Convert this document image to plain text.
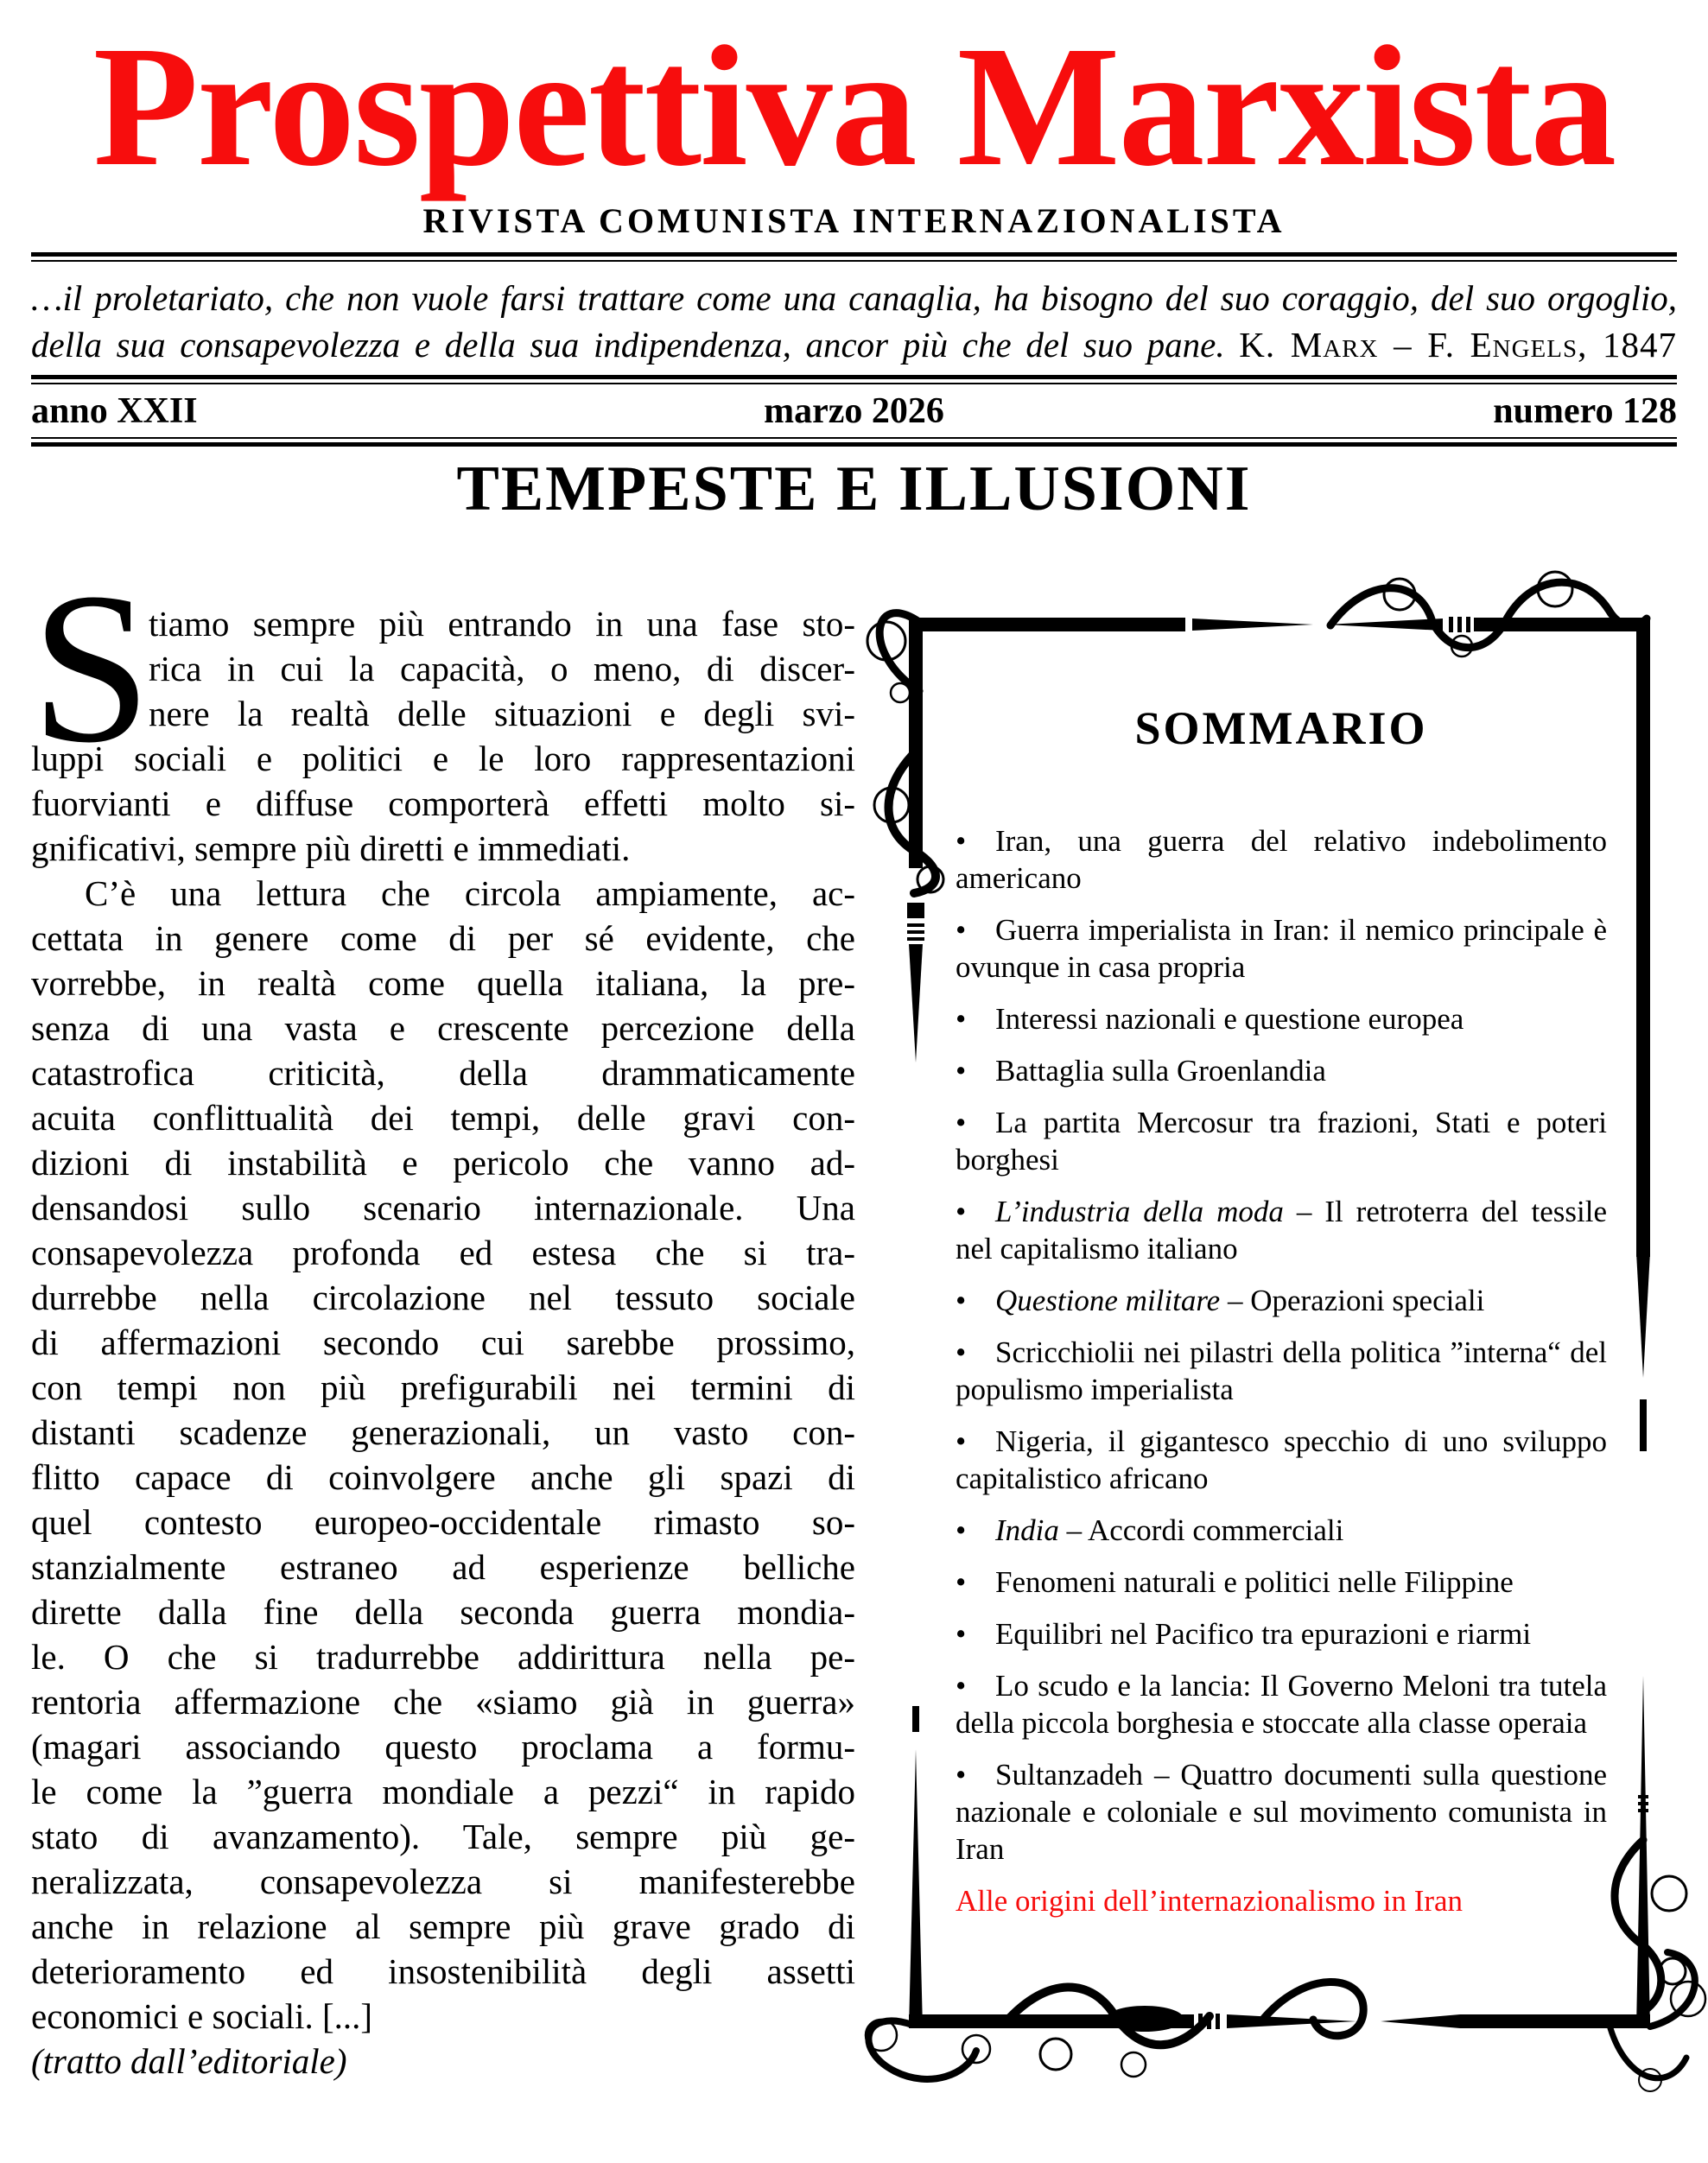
Prospettiva Marxista
RIVISTA COMUNISTA INTERNAZIONALISTA
…il proletariato, che non vuole farsi trattare come una canaglia, ha bisogno del suo coraggio, del suo orgoglio,
della sua consapevolezza e della sua indipendenza, ancor più che del suo pane. K. Marx – F. Engels, 1847
anno XXII	marzo 2026	numero 128
TEMPESTE E ILLUSIONI
S
tiamo sempre più entrando in una fase sto-
rica in cui la capacità, o meno, di discer-
nere la realtà delle situazioni e degli svi-
luppi sociali e politici e le loro rappresentazioni
fuorvianti e diffuse comporterà effetti molto si-
gnificativi, sempre più diretti e immediati.
C’è una lettura che circola ampiamente, ac-
cettata in genere come di per sé evidente, che
vorrebbe, in realtà come quella italiana, la pre-
senza di una vasta e crescente percezione della
catastrofica criticità, della drammaticamente
acuita conflittualità dei tempi, delle gravi con-
dizioni di instabilità e pericolo che vanno ad-
densandosi sullo scenario internazionale. Una
consapevolezza profonda ed estesa che si tra-
durrebbe nella circolazione nel tessuto sociale
di affermazioni secondo cui sarebbe prossimo,
con tempi non più prefigurabili nei termini di
distanti scadenze generazionali, un vasto con-
flitto capace di coinvolgere anche gli spazi di
quel contesto europeo-occidentale rimasto so-
stanzialmente estraneo ad esperienze belliche
dirette dalla fine della seconda guerra mondia-
le. O che si tradurrebbe addirittura nella pe-
rentoria affermazione che «siamo già in guerra»
(magari associando questo proclama a formu-
le come la ”guerra mondiale a pezzi“ in rapido
stato di avanzamento). Tale, sempre più ge-
neralizzata, consapevolezza si manifesterebbe
anche in relazione al sempre più grave grado di
deterioramento ed insostenibilità degli assetti
economici e sociali. [...]
(tratto dall’editoriale)
SOMMARIO
• Iran, una guerra del relativo indebolimento americano
• Guerra imperialista in Iran: il nemico principale è ovunque in casa propria
• Interessi nazionali e questione europea
• Battaglia sulla Groenlandia
• La partita Mercosur tra frazioni, Stati e poteri borghesi
• L’industria della moda – Il retroterra del tessile nel capitalismo italiano
• Questione militare – Operazioni speciali
• Scricchiolii nei pilastri della politica ”interna“ del populismo imperialista
• Nigeria, il gigantesco specchio di uno sviluppo capitalistico africano
• India – Accordi commerciali
• Fenomeni naturali e politici nelle Filippine
• Equilibri nel Pacifico tra epurazioni e riarmi
• Lo scudo e la lancia: Il Governo Meloni tra tutela della piccola borghesia e stoccate alla classe operaia
• Sultanzadeh – Quattro documenti sulla questione nazionale e coloniale e sul movimento comunista in Iran
Alle origini dell’internazionalismo in Iran
